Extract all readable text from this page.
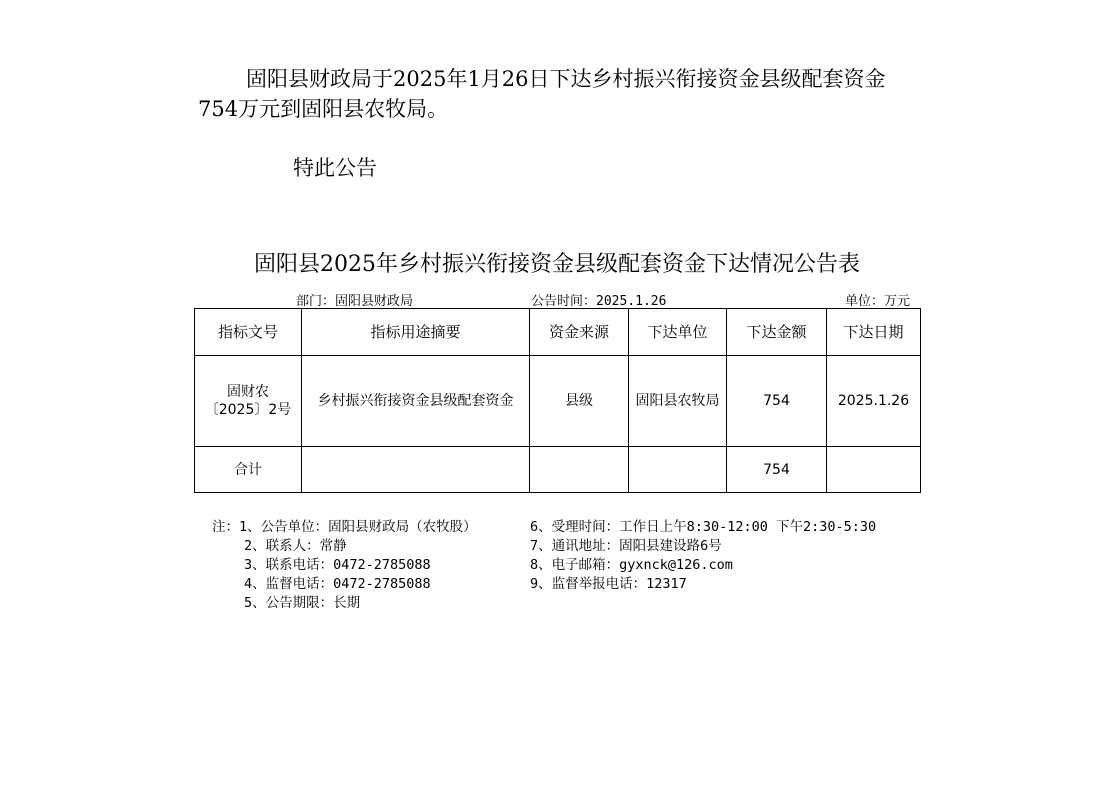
固阳县财政局于2025年1月26日下达乡村振兴衔接资金县级配套资金754万元到固阳县农牧局。

特此公告
固阳县2025年乡村振兴衔接资金县级配套资金下达情况公告表
部门：固阳县财政局	公告时间：2025.1.26	单位：万元
指标文号	指标用途摘要	资金来源	下达单位	下达金额	下达日期
固财农〔2025〕2号	乡村振兴衔接资金县级配套资金	县级	固阳县农牧局	754	2025.1.26
合计				754	
注：1、公告单位：固阳县财政局（农牧股）
2、联系人：常静
3、联系电话：0472-2785088
4、监督电话：0472-2785088
5、公告期限：长期
6、受理时间：工作日上午8:30-12:00 下午2:30-5:30
7、通讯地址：固阳县建设路6号
8、电子邮箱：gyxnck@126.com
9、监督举报电话：12317
